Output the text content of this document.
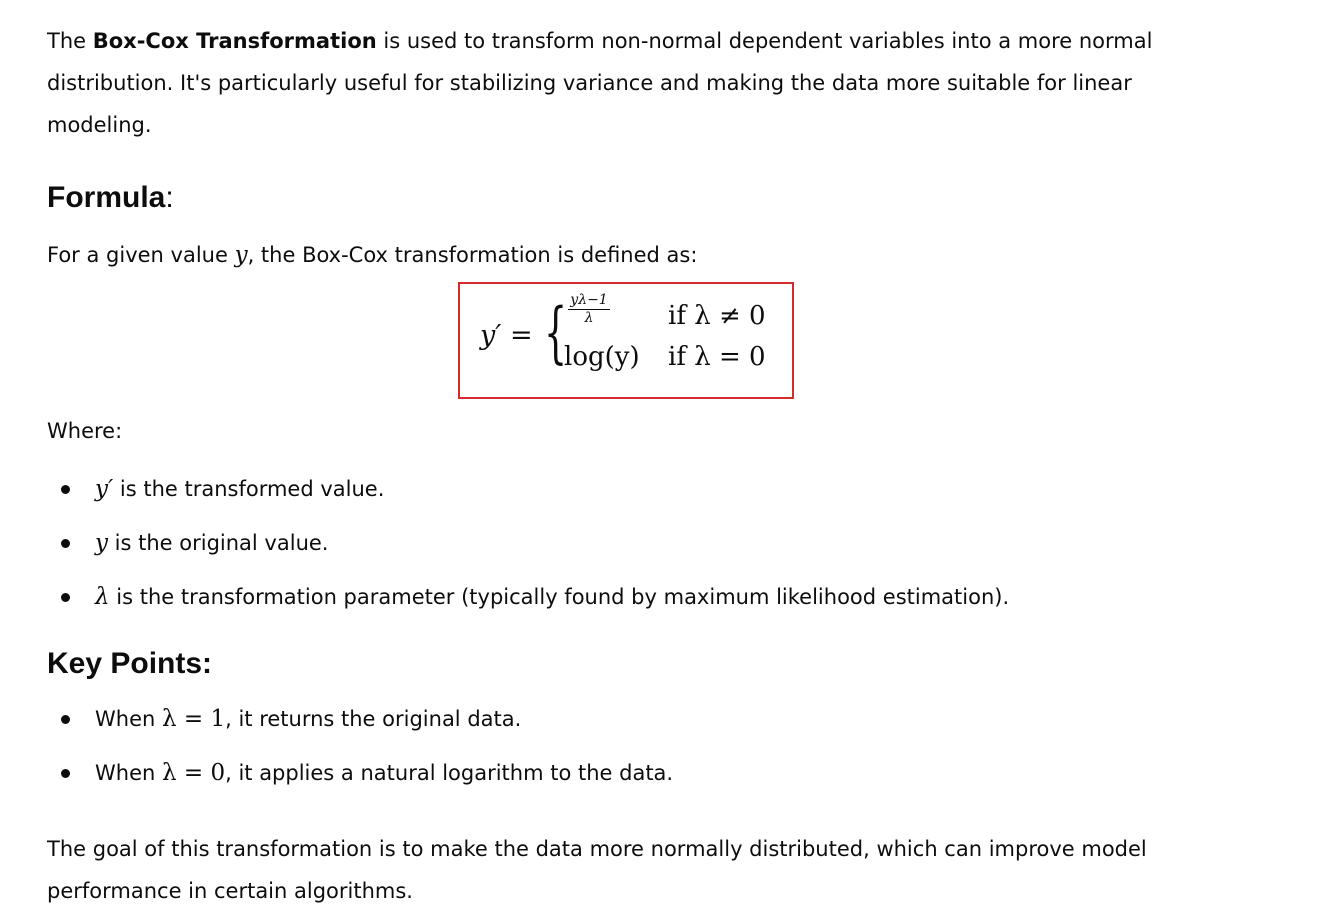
The Box-Cox Transformation is used to transform non-normal dependent variables into a more normal distribution. It's particularly useful for stabilizing variance and making the data more suitable for linear modeling.

Formula:

For a given value y, the Box-Cox transformation is defined as:

Where:

y′ is the transformed value.
y is the original value.
λ is the transformation parameter (typically found by maximum likelihood estimation).
Key Points:
When λ = 1, it returns the original data.
When λ = 0, it applies a natural logarithm to the data.

The goal of this transformation is to make the data more normally distributed, which can improve model performance in certain algorithms.

y′ = {
$\frac{y\lambda-1}{\lambda}$
log(y)
if λ ≠ 0
if λ = 0
